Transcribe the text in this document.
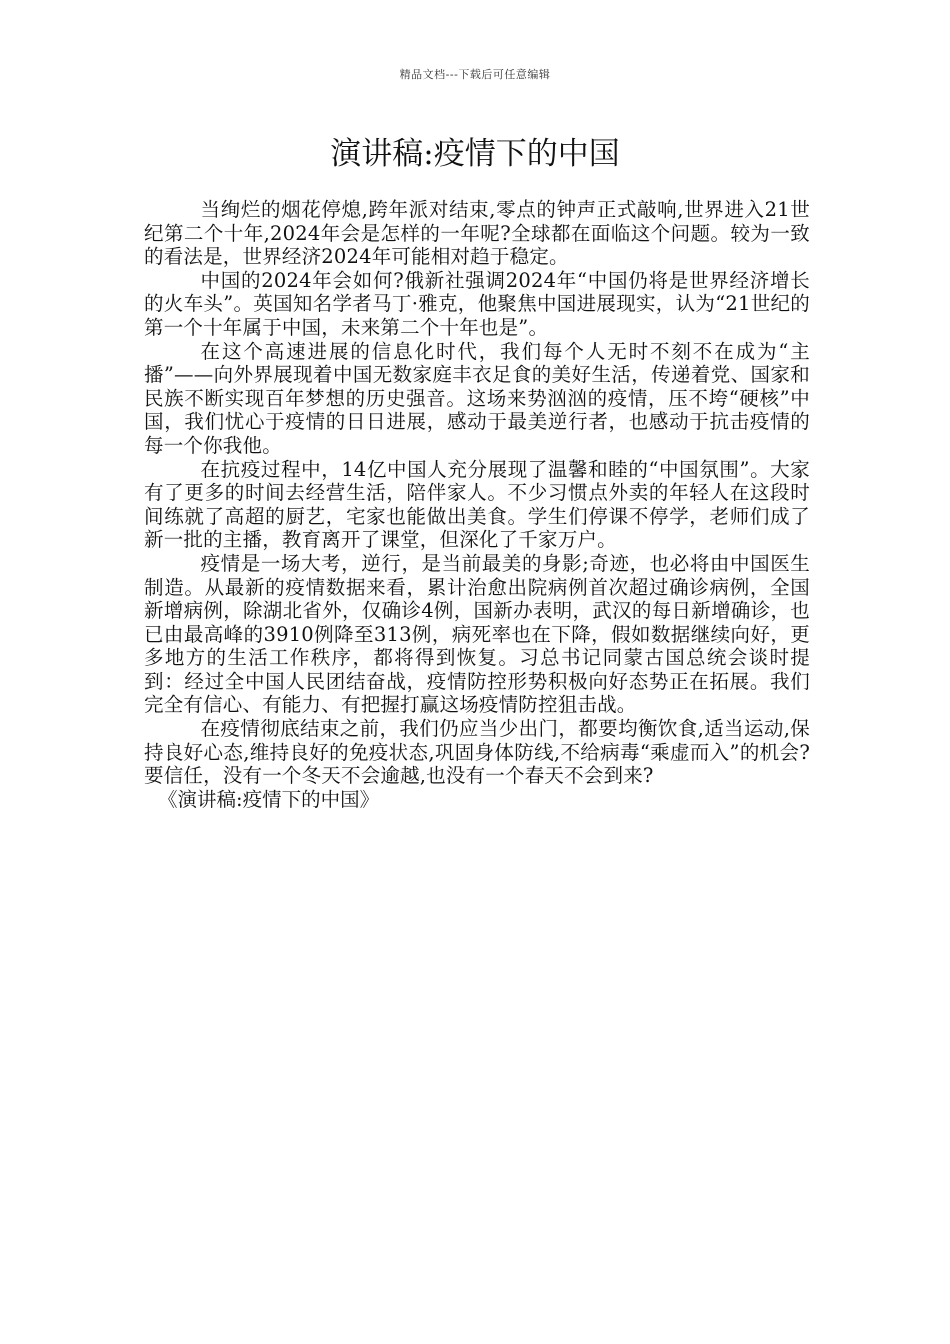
精品文档---下载后可任意编辑
演讲稿:疫情下的中国

当绚烂的烟花停熄,跨年派对结束,零点的钟声正式敲响,世界进入21世纪第二个十年,2024年会是怎样的一年呢?全球都在面临这个问题。较为一致的看法是，世界经济2024年可能相对趋于稳定。

中国的2024年会如何?俄新社强调2024年“中国仍将是世界经济增长的火车头”。英国知名学者马丁·雅克，他聚焦中国进展现实，认为“21世纪的第一个十年属于中国，未来第二个十年也是”。

在这个高速进展的信息化时代，我们每个人无时不刻不在成为“主播”——向外界展现着中国无数家庭丰衣足食的美好生活，传递着党、国家和民族不断实现百年梦想的历史强音。这场来势汹汹的疫情，压不垮“硬核”中国，我们忧心于疫情的日日进展，感动于最美逆行者，也感动于抗击疫情的每一个你我他。

在抗疫过程中，14亿中国人充分展现了温馨和睦的“中国氛围”。大家有了更多的时间去经营生活，陪伴家人。不少习惯点外卖的年轻人在这段时间练就了高超的厨艺，宅家也能做出美食。学生们停课不停学，老师们成了新一批的主播，教育离开了课堂，但深化了千家万户。

疫情是一场大考，逆行，是当前最美的身影;奇迹，也必将由中国医生制造。从最新的疫情数据来看，累计治愈出院病例首次超过确诊病例，全国新增病例，除湖北省外，仅确诊4例，国新办表明，武汉的每日新增确诊，也已由最高峰的3910例降至313例，病死率也在下降，假如数据继续向好，更多地方的生活工作秩序，都将得到恢复。习总书记同蒙古国总统会谈时提到：经过全中国人民团结奋战，疫情防控形势积极向好态势正在拓展。我们完全有信心、有能力、有把握打赢这场疫情防控狙击战。

在疫情彻底结束之前，我们仍应当少出门，都要均衡饮食,适当运动,保持良好心态,维持良好的免疫状态,巩固身体防线,不给病毒“乘虚而入”的机会?要信任，没有一个冬天不会逾越,也没有一个春天不会到来?

《演讲稿:疫情下的中国》
